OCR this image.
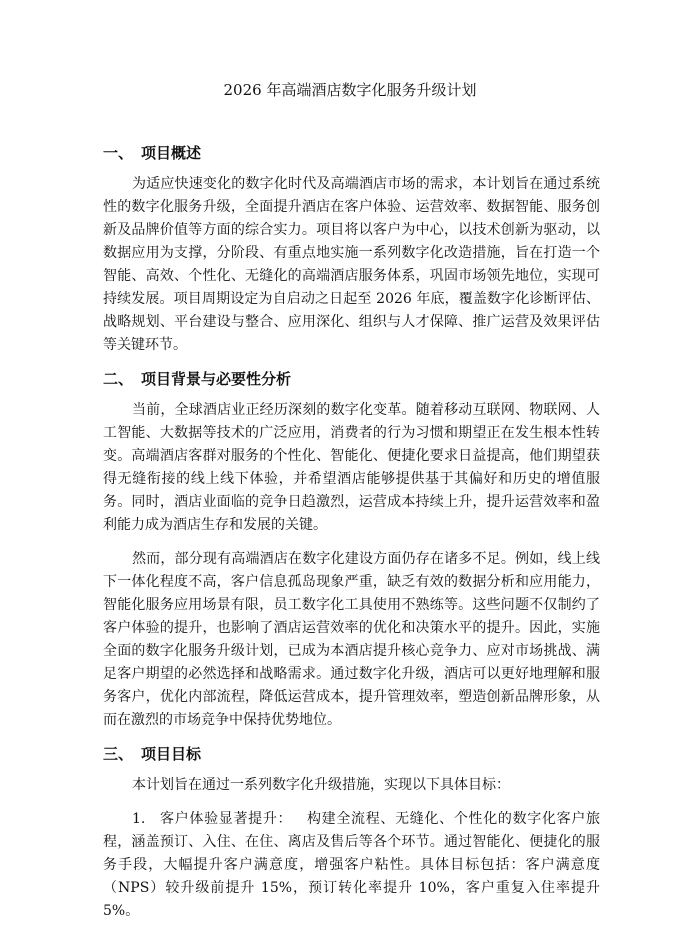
2026 年高端酒店数字化服务升级计划
一、 项目概述

为适应快速变化的数字化时代及高端酒店市场的需求，本计划旨在通过系统性的数字化服务升级，全面提升酒店在客户体验、运营效率、数据智能、服务创新及品牌价值等方面的综合实力。项目将以客户为中心，以技术创新为驱动，以数据应用为支撑，分阶段、有重点地实施一系列数字化改造措施，旨在打造一个智能、高效、个性化、无缝化的高端酒店服务体系，巩固市场领先地位，实现可持续发展。项目周期设定为自启动之日起至 2026 年底，覆盖数字化诊断评估、战略规划、平台建设与整合、应用深化、组织与人才保障、推广运营及效果评估等关键环节。

二、 项目背景与必要性分析

当前，全球酒店业正经历深刻的数字化变革。随着移动互联网、物联网、人工智能、大数据等技术的广泛应用，消费者的行为习惯和期望正在发生根本性转变。高端酒店客群对服务的个性化、智能化、便捷化要求日益提高，他们期望获得无缝衔接的线上线下体验，并希望酒店能够提供基于其偏好和历史的增值服务。同时，酒店业面临的竞争日趋激烈，运营成本持续上升，提升运营效率和盈利能力成为酒店生存和发展的关键。

然而，部分现有高端酒店在数字化建设方面仍存在诸多不足。例如，线上线下一体化程度不高，客户信息孤岛现象严重，缺乏有效的数据分析和应用能力，智能化服务应用场景有限，员工数字化工具使用不熟练等。这些问题不仅制约了客户体验的提升，也影响了酒店运营效率的优化和决策水平的提升。因此，实施全面的数字化服务升级计划，已成为本酒店提升核心竞争力、应对市场挑战、满足客户期望的必然选择和战略需求。通过数字化升级，酒店可以更好地理解和服务客户，优化内部流程，降低运营成本，提升管理效率，塑造创新品牌形象，从而在激烈的市场竞争中保持优势地位。

三、 项目目标

本计划旨在通过一系列数字化升级措施，实现以下具体目标：

1. 客户体验显著提升： 构建全流程、无缝化、个性化的数字化客户旅程，涵盖预订、入住、在住、离店及售后等各个环节。通过智能化、便捷化的服务手段，大幅提升客户满意度，增强客户粘性。具体目标包括：客户满意度（NPS）较升级前提升 15%，预订转化率提升 10%，客户重复入住率提升 5%。
